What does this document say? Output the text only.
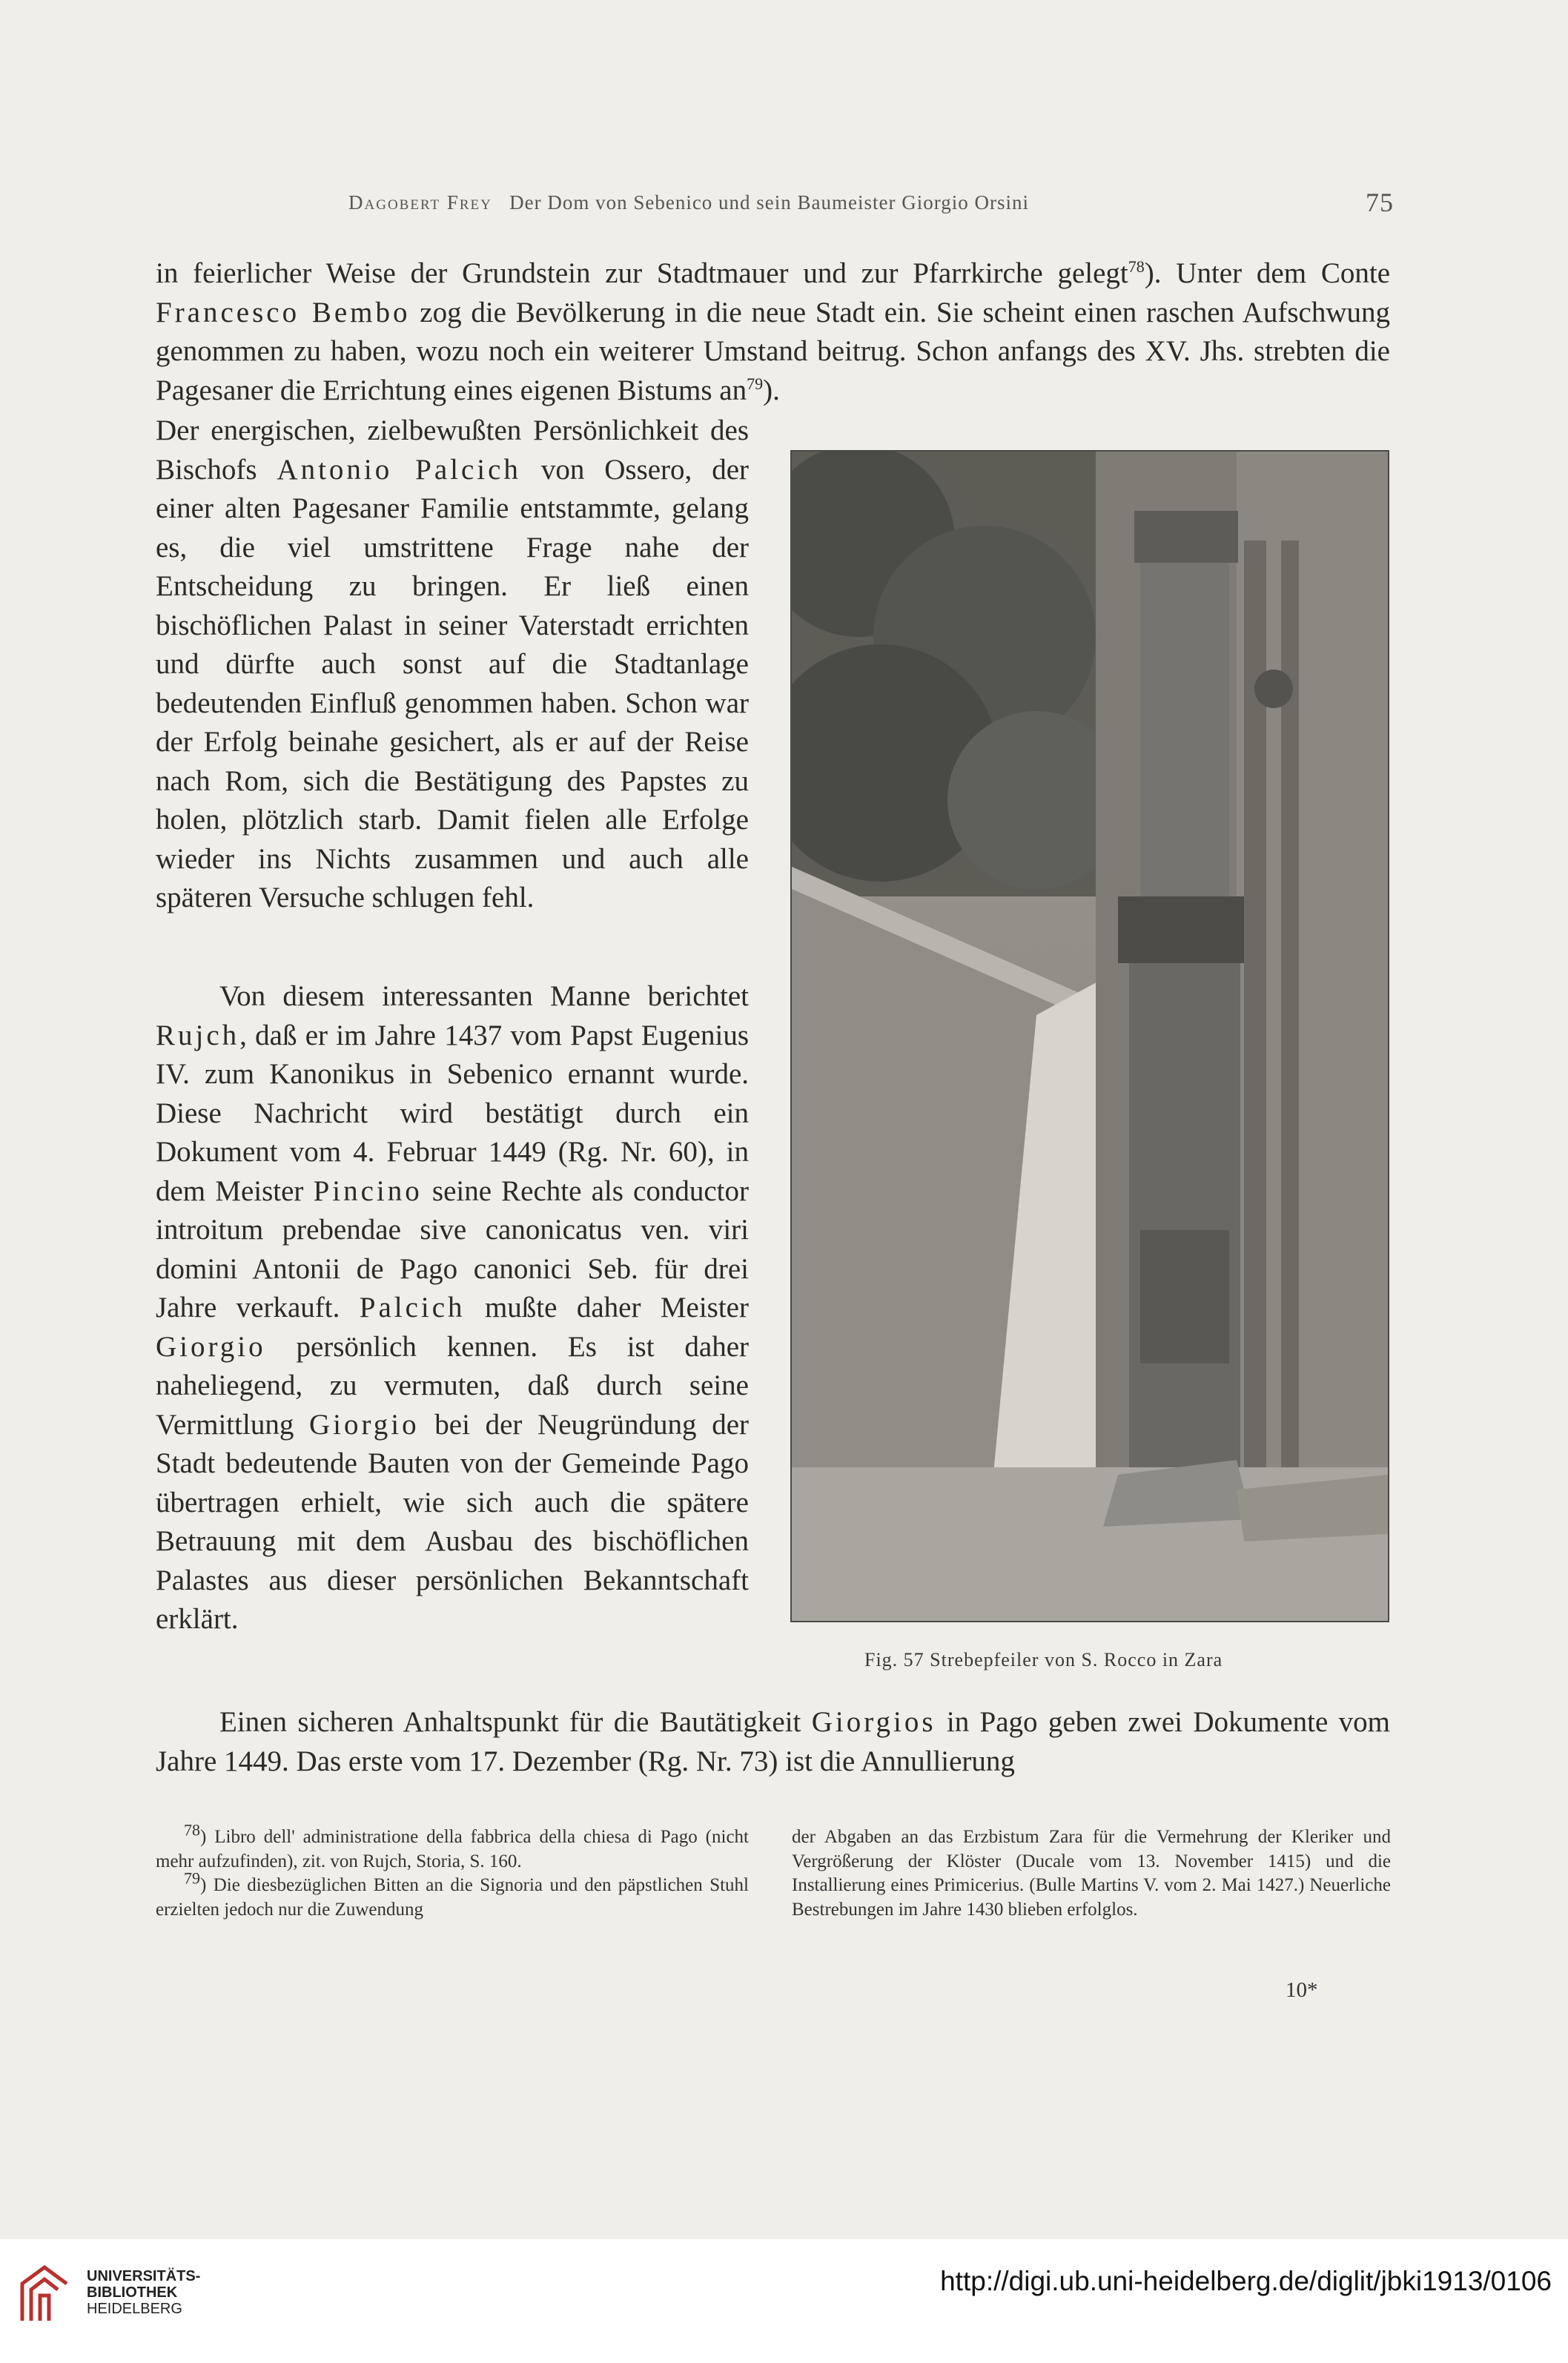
Dagobert Frey Der Dom von Sebenico und sein Baumeister Giorgio Orsini	75
in feierlicher Weise der Grundstein zur Stadtmauer und zur Pfarrkirche gelegt$^{78}$). Unter dem Conte Francesco Bembo zog die Bevölkerung in die neue Stadt ein. Sie scheint einen raschen Aufschwung genommen zu haben, wozu noch ein weiterer Umstand beitrug. Schon anfangs des XV. Jhs. strebten die Pagesaner die Errichtung eines eigenen Bistums $an^{79}$).
Der energischen, zielbewußten Persönlichkeit des Bischofs Antonio Palcich von Ossero, der einer alten Pagesaner Familie entstammte, gelang es, die viel umstrittene Frage nahe der Entscheidung zu bringen. Er ließ einen bischöflichen Palast in seiner Vaterstadt errichten und dürfte auch sonst auf die Stadtanlage bedeutenden Einfluß genommen haben. Schon war der Erfolg beinahe gesichert, als er auf der Reise nach Rom, sich die Bestätigung des Papstes zu holen, plötzlich starb. Damit fielen alle Erfolge wieder ins Nichts zusammen und auch alle späteren Versuche schlugen fehl.
Von diesem interessanten Manne berichtet Rujch, daß er im Jahre 1437 vom Papst Eugenius IV. zum Kanonikus in Sebenico ernannt wurde. Diese Nachricht wird bestätigt durch ein Dokument vom 4. Februar 1449 (Rg. Nr. 60), in dem Meister Pincino seine Rechte als conductor introitum prebendae sive canonicatus ven. viri domini Antonii de Pago canonici Seb. für drei Jahre verkauft. Palcich mußte daher Meister Giorgio persönlich kennen. Es ist daher naheliegend, zu vermuten, daß durch seine Vermittlung Giorgio bei der Neugründung der Stadt bedeutende Bauten von der Gemeinde Pago übertragen erhielt, wie sich auch die spätere Betrauung mit dem Ausbau des bischöflichen Palastes aus dieser persönlichen Bekanntschaft erklärt.
Fig. 57 Strebepfeiler von S. Rocco in Zara
Einen sicheren Anhaltspunkt für die Bautätigkeit Giorgios in Pago geben zwei Dokumente vom Jahre 1449. Das erste vom 17. Dezember (Rg. Nr. 73) ist die Annullierung
$^{78}$) Libro dell' administratione della fabbrica della chiesa di Pago (nicht mehr aufzufinden), zit. von Rujch, Storia, S. 160.
$^{79}$) Die diesbezüglichen Bitten an die Signoria und den päpstlichen Stuhl erzielten jedoch nur die Zuwendung
der Abgaben an das Erzbistum Zara für die Vermehrung der Kleriker und Vergrößerung der Klöster (Ducale vom 13. November 1415) und die Installierung eines Primicerius. (Bulle Martins V. vom 2. Mai 1427.) Neuerliche Bestrebungen im Jahre 1430 blieben erfolglos.
10*
UNIVERSITÄTS-
BIBLIOTHEK
HEIDELBERG
http://digi.ub.uni-heidelberg.de/diglit/jbki1913/0106
